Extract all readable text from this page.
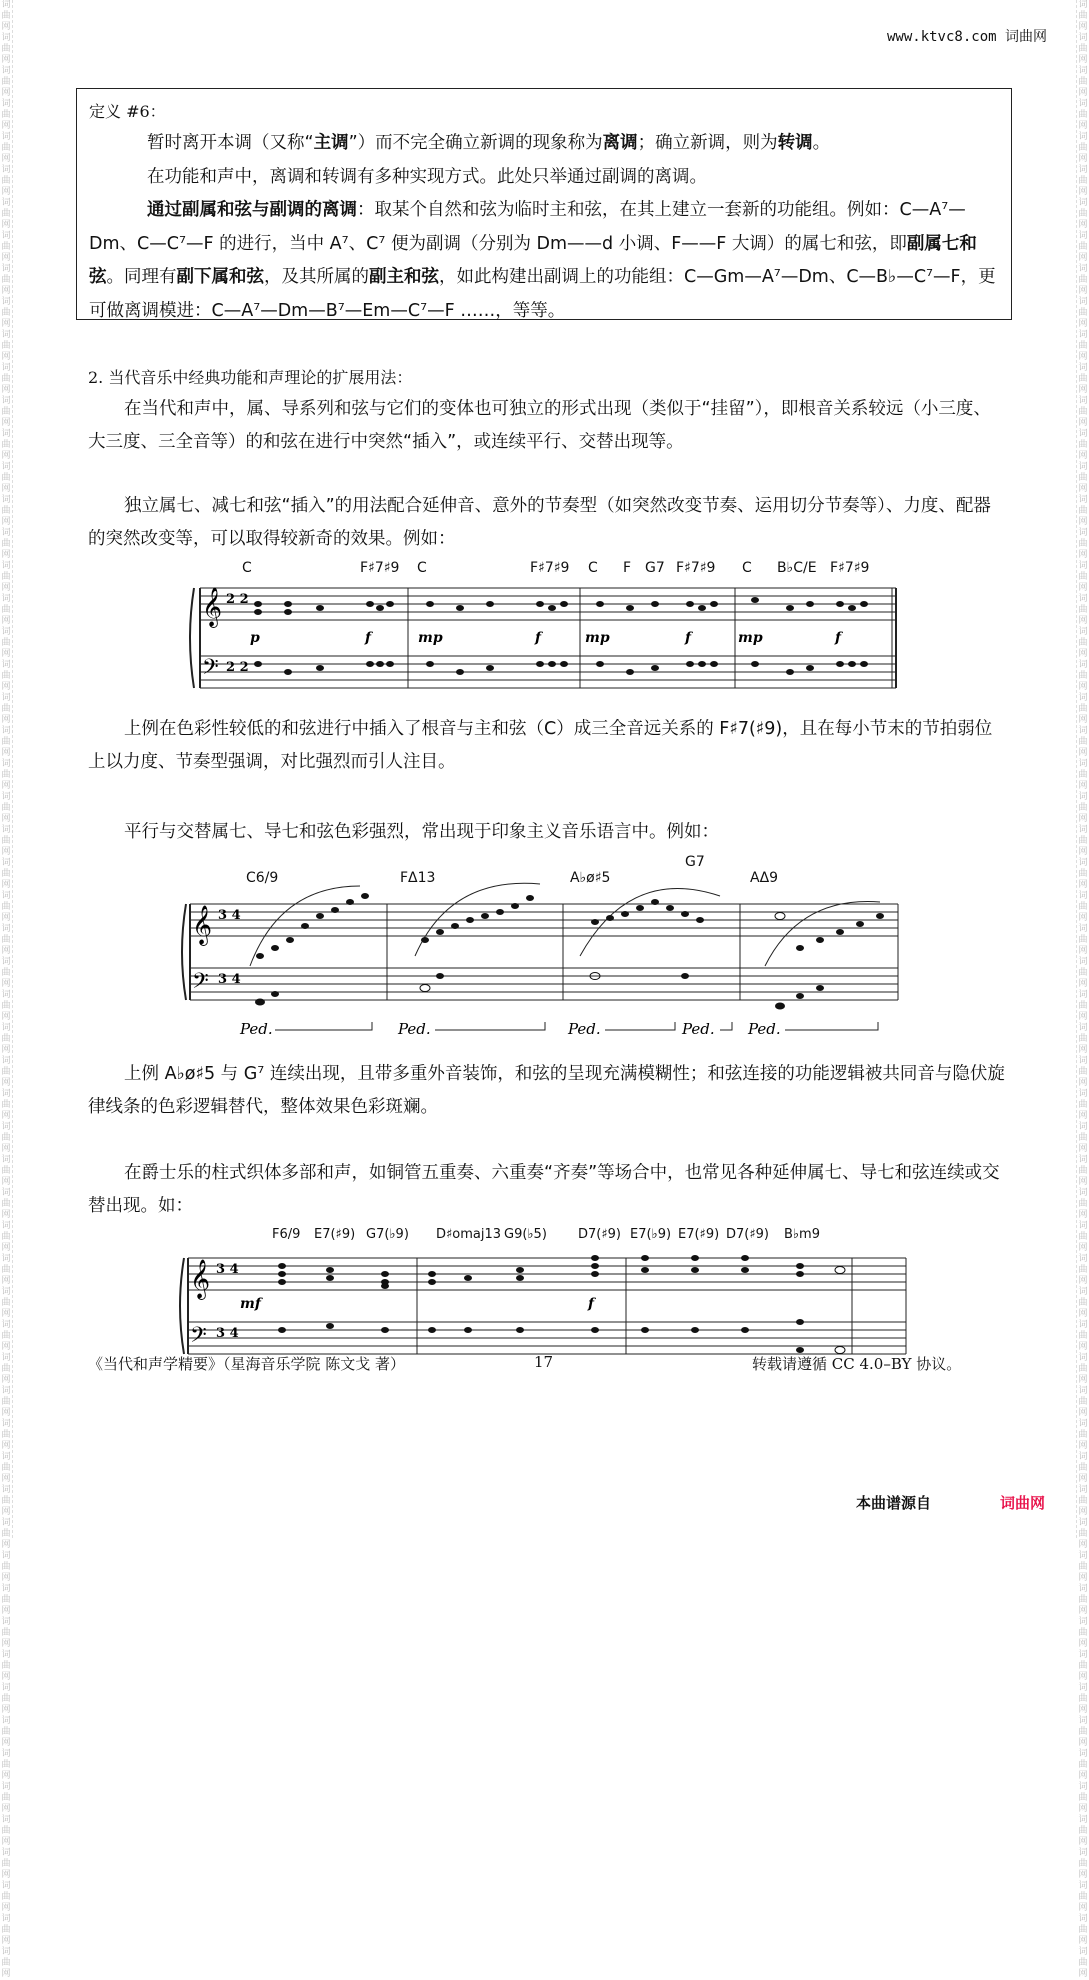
词曲网 词曲网 词曲网 词曲网 词曲网 词曲网 词曲网 词曲网 词曲网 词曲网 词曲网 词曲网 词曲网 词曲网 词曲网 词曲网 词曲网 词曲网 词曲网 词曲网 词曲网 词曲网 词曲网 词曲网 词曲网 词曲网 词曲网 词曲网 词曲网 词曲网 词曲网 词曲网 词曲网 词曲网 词曲网 词曲网 词曲网 词曲网 词曲网 词曲网 词曲网 词曲网 词曲网 词曲网 词曲网 词曲网 词曲网 词曲网 词曲网 词曲网 词曲网 词曲网 词曲网 词曲网 词曲网 词曲网 词曲网 词曲网 词曲网 词曲网
词曲网 词曲网 词曲网 词曲网 词曲网 词曲网 词曲网 词曲网 词曲网 词曲网 词曲网 词曲网 词曲网 词曲网 词曲网 词曲网 词曲网 词曲网 词曲网 词曲网 词曲网 词曲网 词曲网 词曲网 词曲网 词曲网 词曲网 词曲网 词曲网 词曲网 词曲网 词曲网 词曲网 词曲网 词曲网 词曲网 词曲网 词曲网 词曲网 词曲网 词曲网 词曲网 词曲网 词曲网 词曲网 词曲网 词曲网 词曲网 词曲网 词曲网 词曲网 词曲网 词曲网 词曲网 词曲网 词曲网 词曲网 词曲网 词曲网 词曲网
www.ktvc8.com 词曲网

定义 #6：

暂时离开本调（又称“主调”）而不完全确立新调的现象称为离调；确立新调，则为转调。

在功能和声中，离调和转调有多种实现方式。此处只举通过副调的离调。

通过副属和弦与副调的离调：取某个自然和弦为临时主和弦，在其上建立一套新的功能组。例如：C—A⁷—Dm、C—C⁷—F 的进行，当中 A⁷、C⁷ 便为副调（分别为 Dm——d 小调、F——F 大调）的属七和弦，即副属七和弦。同理有副下属和弦，及其所属的副主和弦，如此构建出副调上的功能组：C—Gm—A⁷—Dm、C—B♭—C⁷—F，更可做离调模进：C—A⁷—Dm—B⁷—Em—C⁷—F ……，等等。

2. 当代音乐中经典功能和声理论的扩展用法：

在当代和声中，属、导系列和弦与它们的变体也可独立的形式出现（类似于“挂留”），即根音关系较远（小三度、大三度、三全音等）的和弦在进行中突然“插入”，或连续平行、交替出现等。

独立属七、减七和弦“插入”的用法配合延伸音、意外的节奏型（如突然改变节奏、运用切分节奏等）、力度、配器的突然改变等，可以取得较新奇的效果。例如：

C	F♯7♯9 C	F♯7♯9 C F G7 F♯7♯9 C B♭C/E F♯7♯9
𝄞
𝄢
2 2
2 2
p	f	mp	f	mp	f	mp	f

上例在色彩性较低的和弦进行中插入了根音与主和弦（C）成三全音远关系的 F♯7(♯9)，且在每小节末的节拍弱位上以力度、节奏型强调，对比强烈而引人注目。

平行与交替属七、导七和弦色彩强烈，常出现于印象主义音乐语言中。例如：

C6/9	FΔ13	A♭ø♯5
G7
AΔ9
𝄞
𝄢
3 4
3 4
Ped.	Ped.	Ped.	Ped. Ped.

上例 A♭ø♯5 与 G⁷ 连续出现，且带多重外音装饰，和弦的呈现充满模糊性；和弦连接的功能逻辑被共同音与隐伏旋律线条的色彩逻辑替代，整体效果色彩斑斓。

在爵士乐的柱式织体多部和声，如铜管五重奏、六重奏“齐奏”等场合中，也常见各种延伸属七、导七和弦连续或交替出现。如：

F6/9 E7(♯9) G7(♭9) D♯omaj13 G9(♭5) D7(♯9) E7(♭9) E7(♯9) D7(♯9) B♭m9
𝄞
𝄢
3 4
3 4
mf	f
《当代和声学精要》（星海音乐学院 陈文戈 著）	17	转载请遵循 CC 4.0–BY 协议。
本曲谱源自	词曲网
